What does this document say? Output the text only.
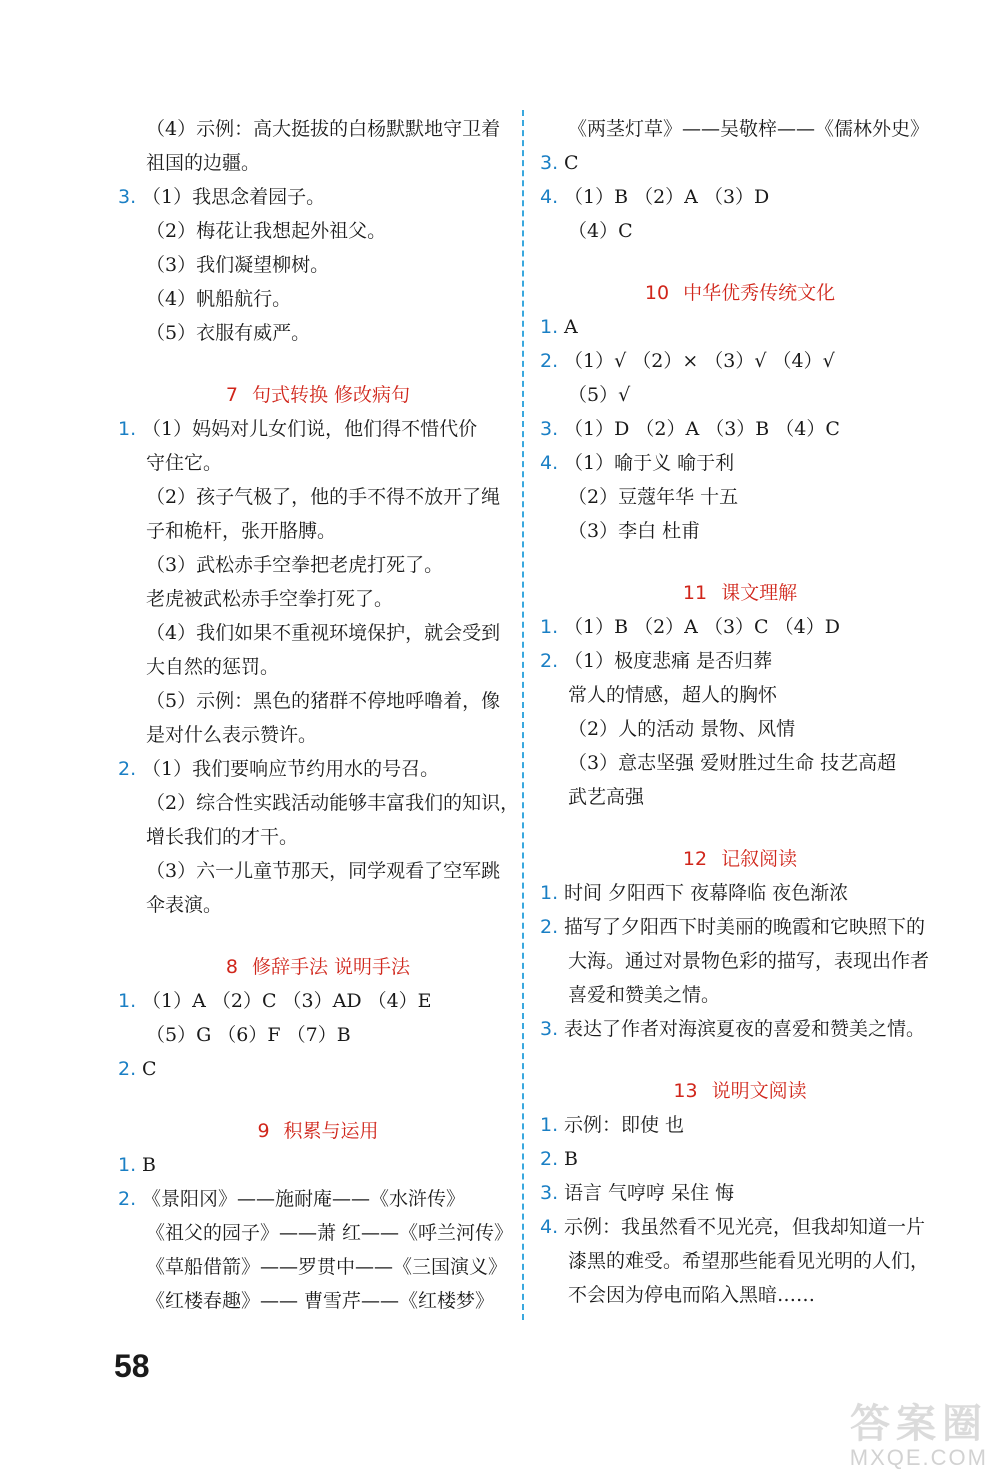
（4）示例：高大挺拔的白杨默默地守卫着
祖国的边疆。
3. （1）我思念着园子。
（2）梅花让我想起外祖父。
（3）我们凝望柳树。
（4）帆船航行。
（5）衣服有威严。
7 句式转换 修改病句
1. （1）妈妈对儿女们说，他们得不惜代价
守住它。
（2）孩子气极了，他的手不得不放开了绳
子和桅杆，张开胳膊。
（3）武松赤手空拳把老虎打死了。
老虎被武松赤手空拳打死了。
（4）我们如果不重视环境保护，就会受到
大自然的惩罚。
（5）示例：黑色的猪群不停地呼噜着，像
是对什么表示赞许。
2. （1）我们要响应节约用水的号召。
（2）综合性实践活动能够丰富我们的知识，
增长我们的才干。
（3）六一儿童节那天，同学观看了空军跳
伞表演。
8 修辞手法 说明手法
1. （1）A （2）C （3）AD （4）E
（5）G （6）F （7）B
2. C
9 积累与运用
1. B
2. 《景阳冈》——施耐庵——《水浒传》
《祖父的园子》——萧 红——《呼兰河传》
《草船借箭》——罗贯中——《三国演义》
《红楼春趣》—— 曹雪芹——《红楼梦》
《两茎灯草》——吴敬梓——《儒林外史》
3. C
4. （1）B （2）A （3）D
（4）C
10 中华优秀传统文化
1. A
2. （1）√ （2）× （3）√ （4）√
（5）√
3. （1）D （2）A （3）B （4）C
4. （1）喻于义 喻于利
（2）豆蔻年华 十五
（3）李白 杜甫
11 课文理解
1. （1）B （2）A （3）C （4）D
2. （1）极度悲痛 是否归葬
常人的情感，超人的胸怀
（2）人的活动 景物、风情
（3）意志坚强 爱财胜过生命 技艺高超
武艺高强
12 记叙阅读
1. 时间 夕阳西下 夜幕降临 夜色渐浓
2. 描写了夕阳西下时美丽的晚霞和它映照下的
大海。通过对景物色彩的描写，表现出作者
喜爱和赞美之情。
3. 表达了作者对海滨夏夜的喜爱和赞美之情。
13 说明文阅读
1. 示例：即使 也
2. B
3. 语言 气哼哼 呆住 悔
4. 示例：我虽然看不见光亮，但我却知道一片
漆黑的难受。希望那些能看见光明的人们，
不会因为停电而陷入黑暗……
58
答案圈
MXQE.COM
